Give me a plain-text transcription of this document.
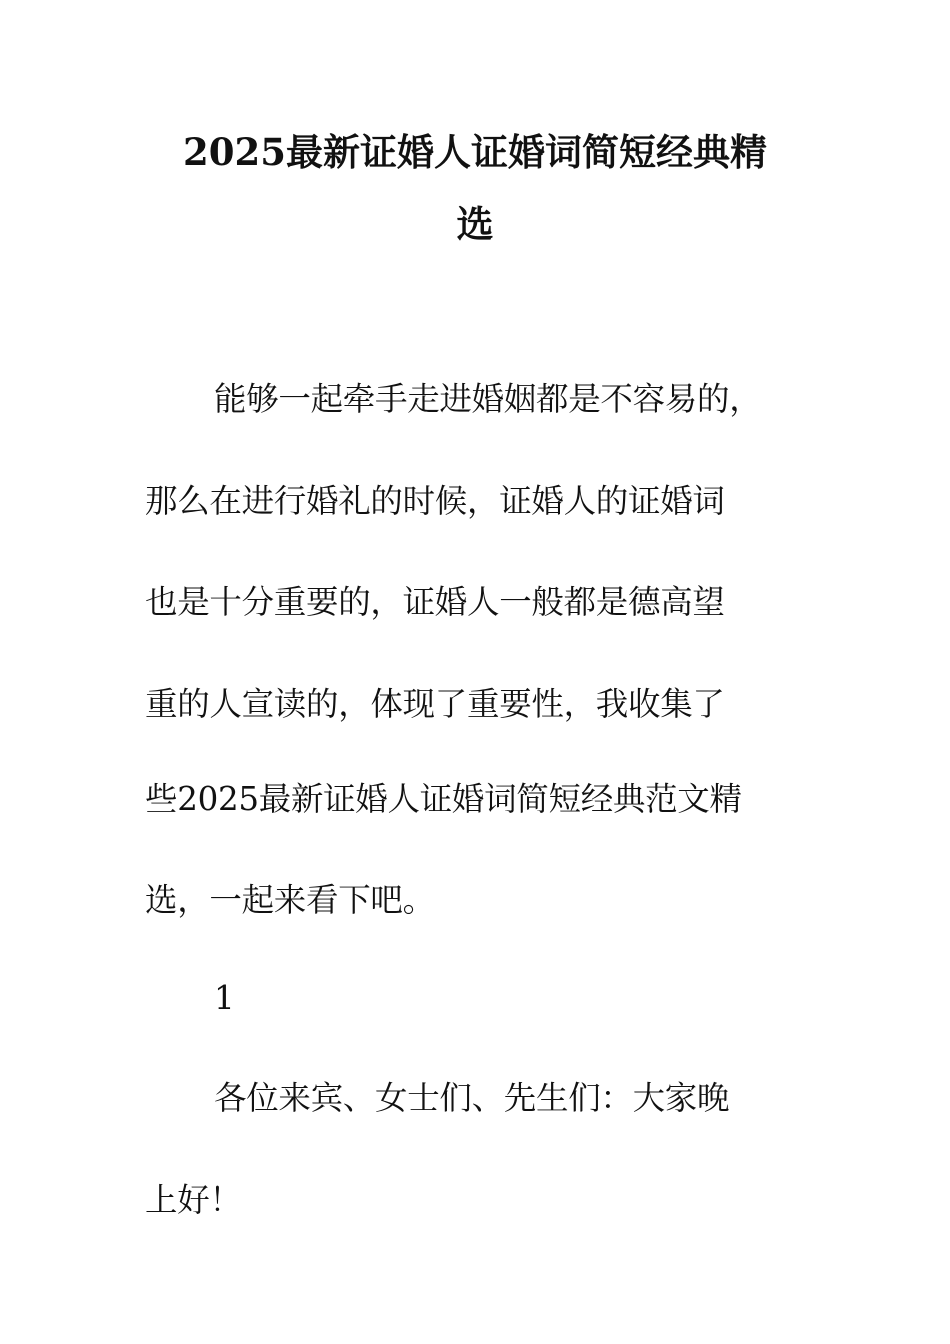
2025最新证婚人证婚词简短经典精
选
能够一起牵手走进婚姻都是不容易的，
那么在进行婚礼的时候，证婚人的证婚词
也是十分重要的，证婚人一般都是德高望
重的人宣读的，体现了重要性，我收集了
些2025最新证婚人证婚词简短经典范文精
选，一起来看下吧。
1
各位来宾、女士们、先生们：大家晚
上好！
